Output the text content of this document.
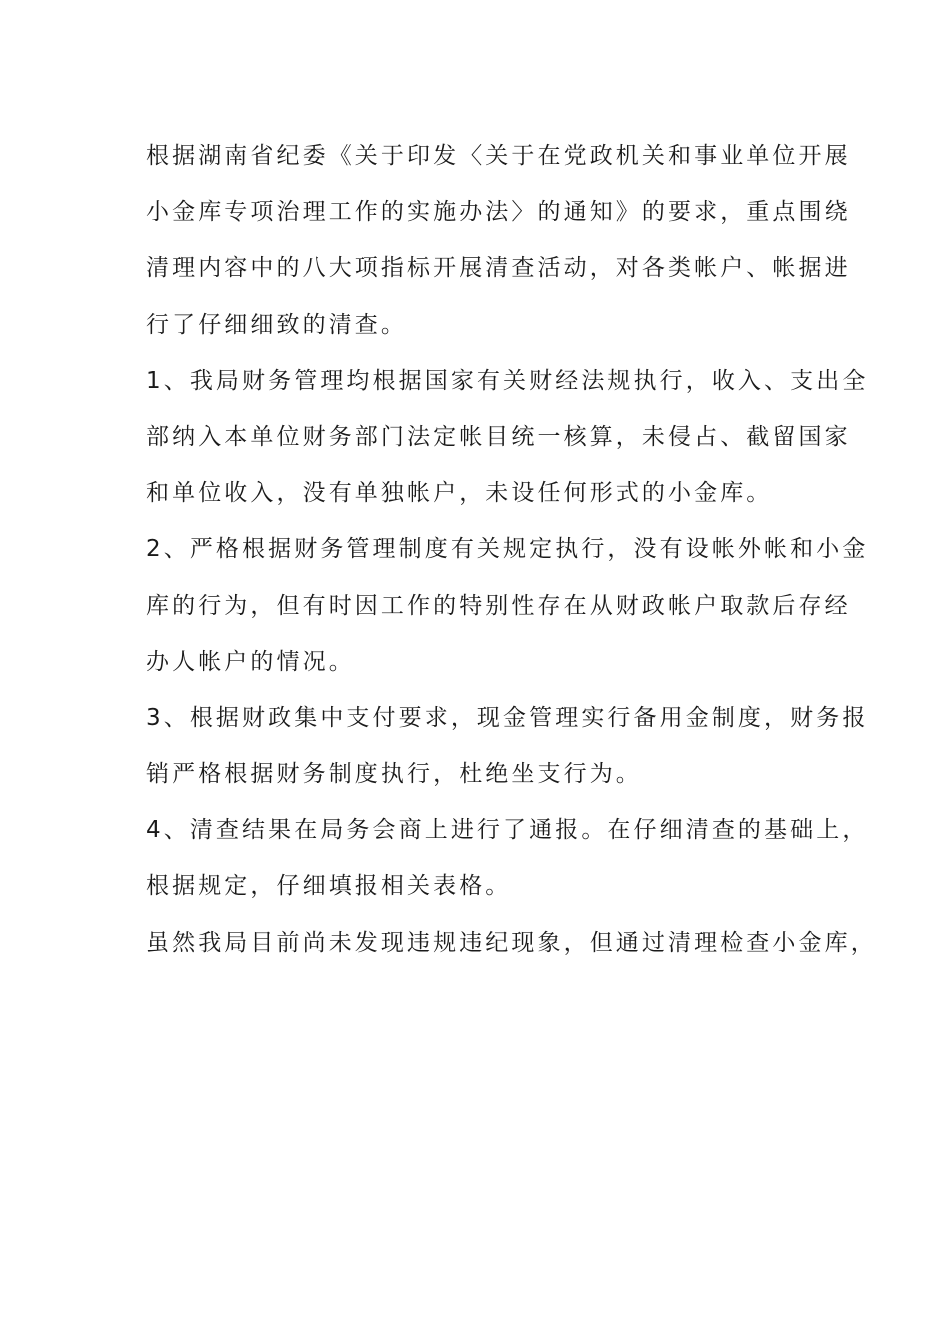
根据湖南省纪委《关于印发〈关于在党政机关和事业单位开展
小金库专项治理工作的实施办法〉的通知》的要求，重点围绕
清理内容中的八大项指标开展清查活动，对各类帐户、帐据进
行了仔细细致的清查。
1、我局财务管理均根据国家有关财经法规执行，收入、支出全
部纳入本单位财务部门法定帐目统一核算，未侵占、截留国家
和单位收入，没有单独帐户，未设任何形式的小金库。
2、严格根据财务管理制度有关规定执行，没有设帐外帐和小金
库的行为，但有时因工作的特别性存在从财政帐户取款后存经
办人帐户的情况。
3、根据财政集中支付要求，现金管理实行备用金制度，财务报
销严格根据财务制度执行，杜绝坐支行为。
4、清查结果在局务会商上进行了通报。在仔细清查的基础上，
根据规定，仔细填报相关表格。
虽然我局目前尚未发现违规违纪现象，但通过清理检查小金库，
